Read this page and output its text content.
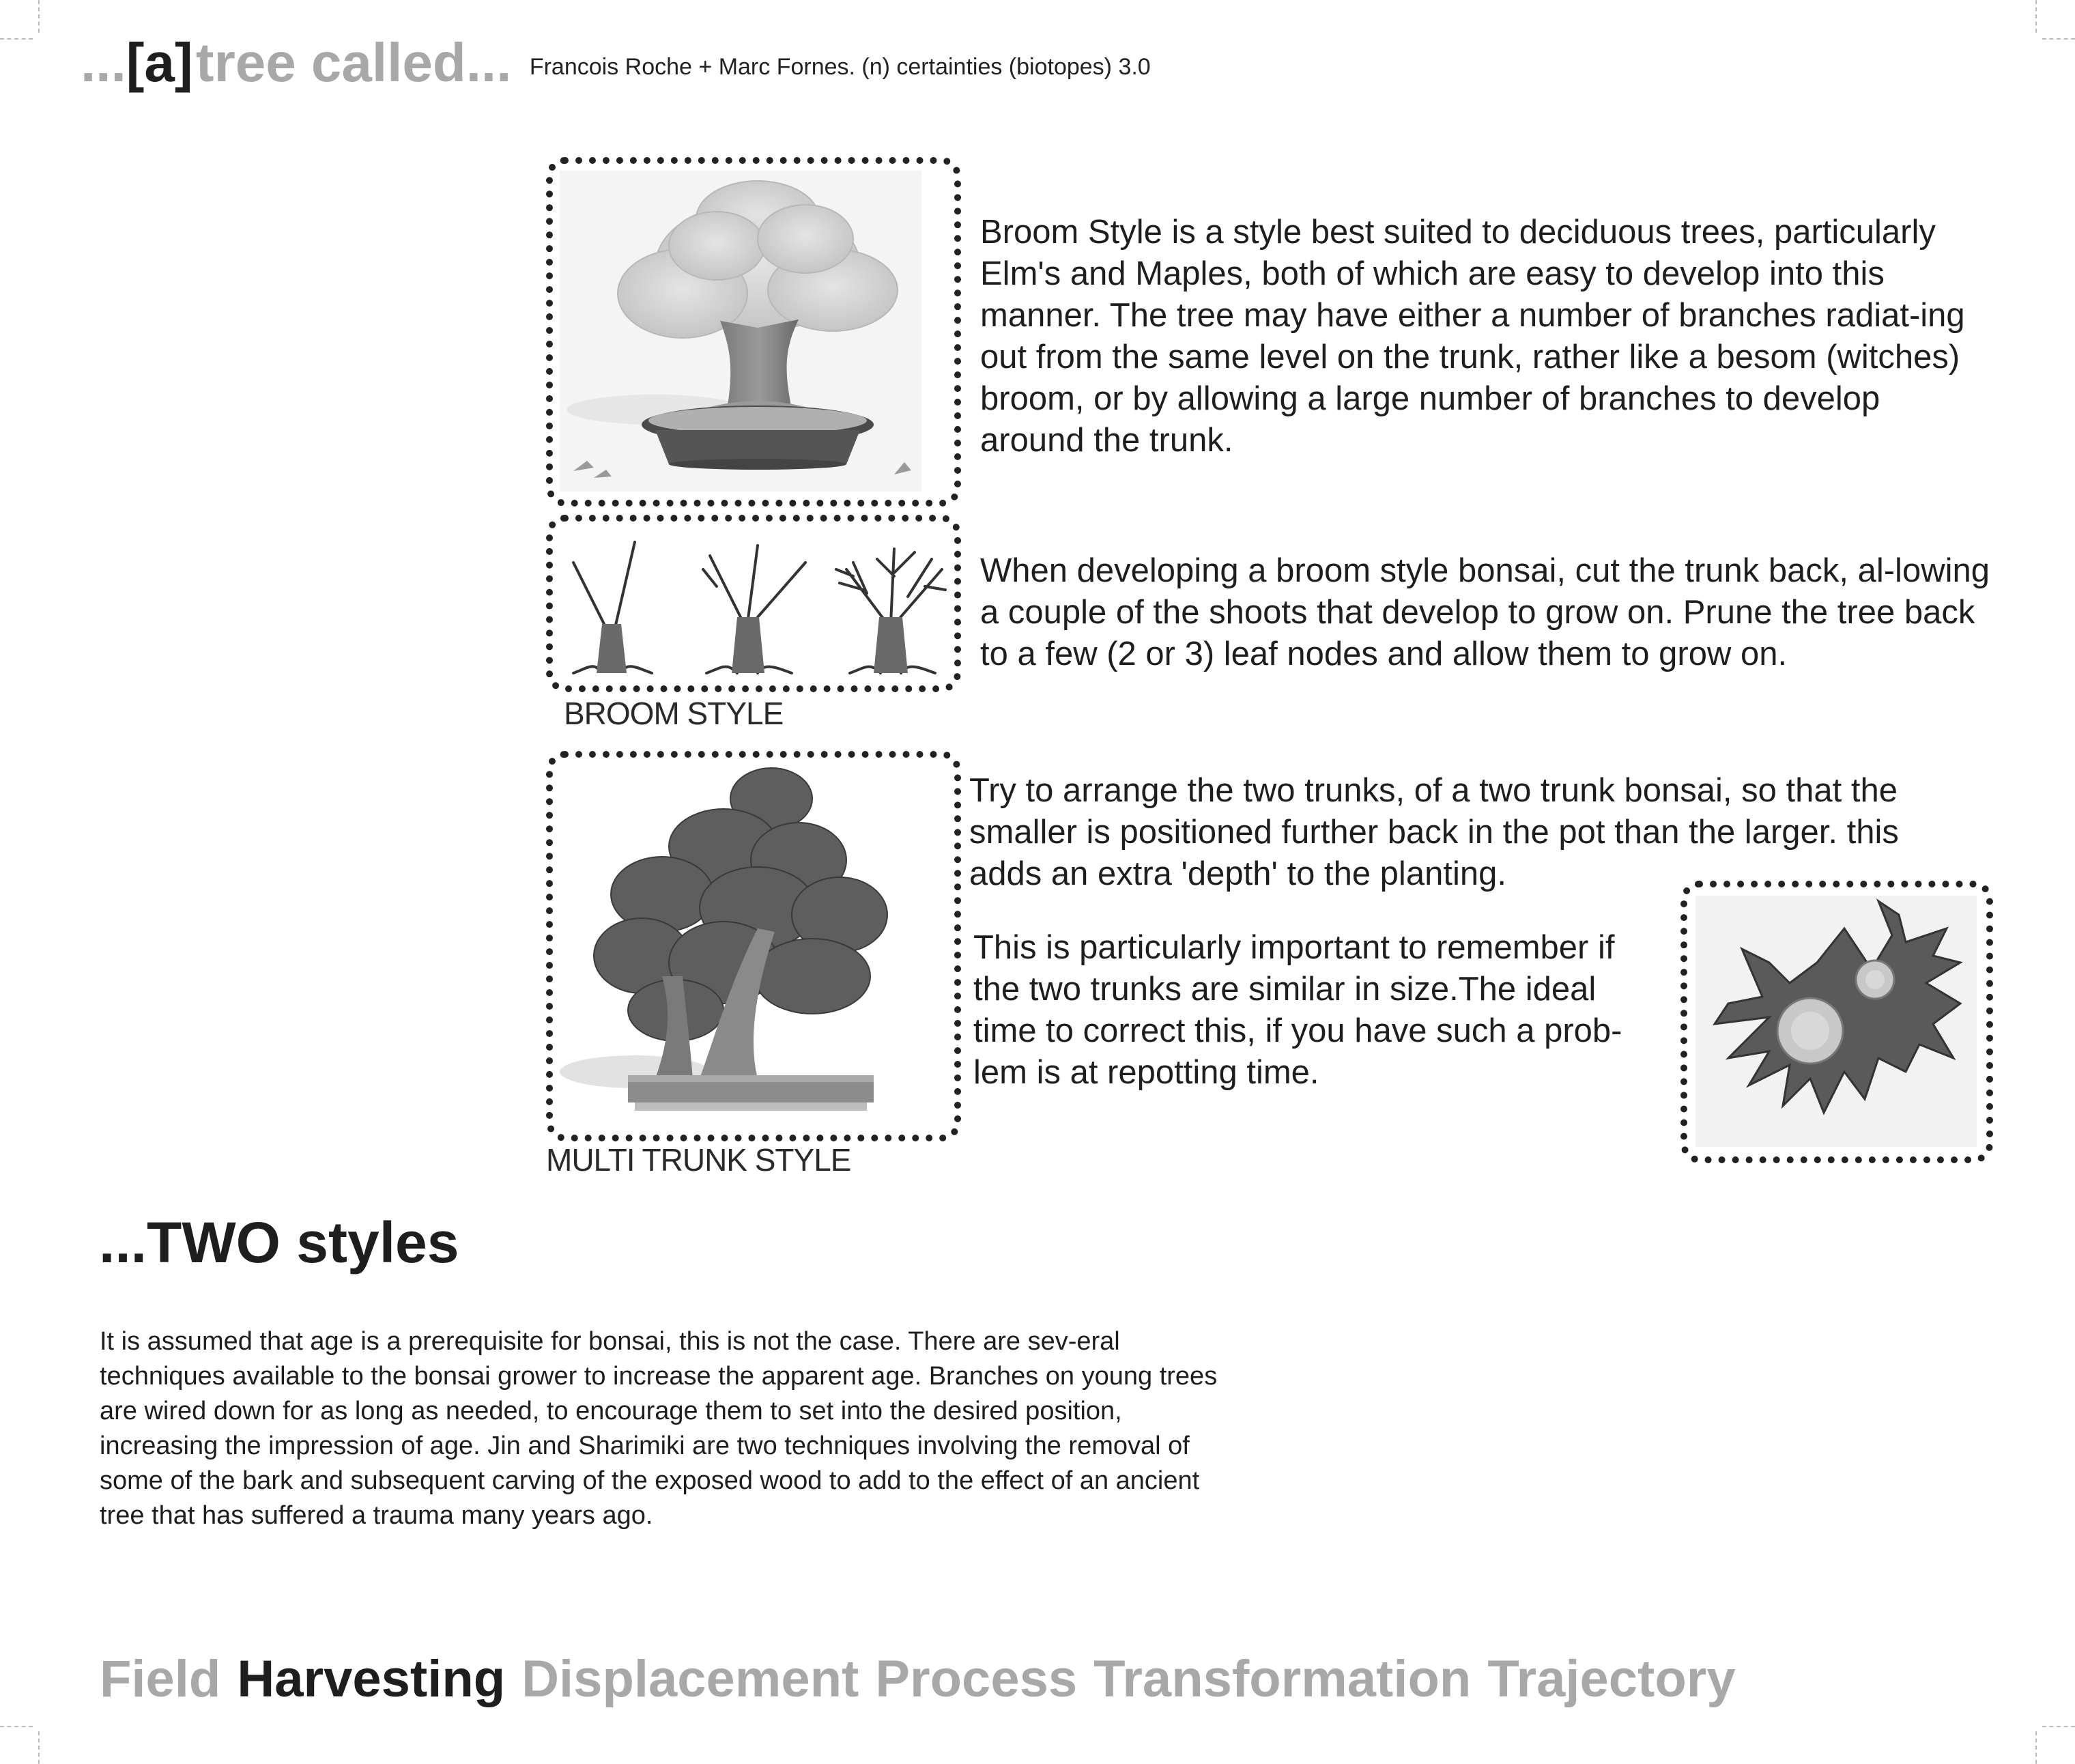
...[a] tree called... Francois Roche + Marc Fornes. (n) certainties (biotopes) 3.0
BROOM STYLE
MULTI TRUNK STYLE
Broom Style is a style best suited to deciduous trees, particularly Elm's and Maples, both of which are easy to develop into this manner. The tree may have either a number of branches radiat-ing out from the same level on the trunk, rather like a besom (witches) broom, or by allowing a large number of branches to develop around the trunk.
When developing a broom style bonsai, cut the trunk back, al-lowing a couple of the shoots that develop to grow on. Prune the tree back to a few (2 or 3) leaf nodes and allow them to grow on.
Try to arrange the two trunks, of a two trunk bonsai, so that the smaller is positioned further back in the pot than the larger. this adds an extra 'depth' to the planting.
This is particularly important to remember if the two trunks are similar in size.The ideal time to correct this, if you have such a prob-lem is at repotting time.
...TWO styles
It is assumed that age is a prerequisite for bonsai, this is not the case. There are sev-eral techniques available to the bonsai grower to increase the apparent age. Branches on young trees are wired down for as long as needed, to encourage them to set into the desired position, increasing the impression of age. Jin and Sharimiki are two techniques involving the removal of some of the bark and subsequent carving of the exposed wood to add to the effect of an ancient tree that has suffered a trauma many years ago.
Field Harvesting Displacement Process Transformation Trajectory
